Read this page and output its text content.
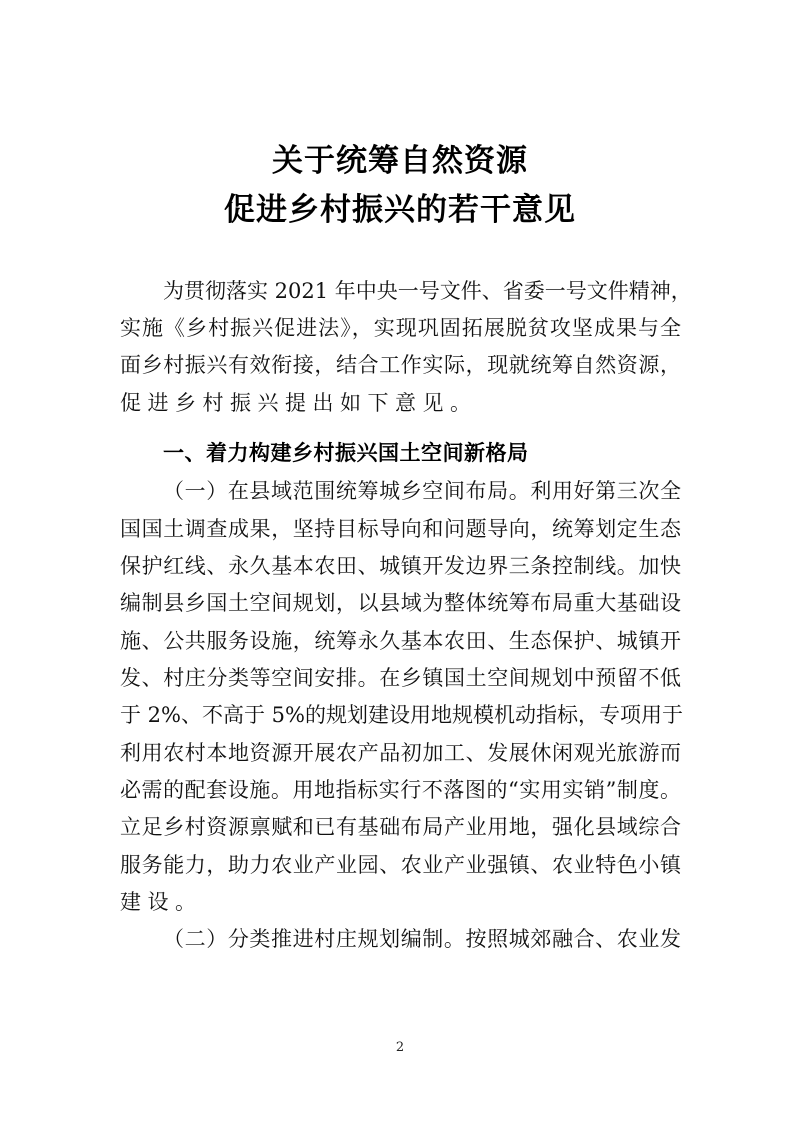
关于统筹自然资源
促进乡村振兴的若干意见
为贯彻落实 2021 年中央一号文件、省委一号文件精神，
实施《乡村振兴促进法》，实现巩固拓展脱贫攻坚成果与全
面乡村振兴有效衔接，结合工作实际，现就统筹自然资源，
促进乡村振兴提出如下意见。
一、着力构建乡村振兴国土空间新格局
（一）在县域范围统筹城乡空间布局。利用好第三次全
国国土调查成果，坚持目标导向和问题导向，统筹划定生态
保护红线、永久基本农田、城镇开发边界三条控制线。加快
编制县乡国土空间规划，以县域为整体统筹布局重大基础设
施、公共服务设施，统筹永久基本农田、生态保护、城镇开
发、村庄分类等空间安排。在乡镇国土空间规划中预留不低
于 2%、不高于 5%的规划建设用地规模机动指标，专项用于
利用农村本地资源开展农产品初加工、发展休闲观光旅游而
必需的配套设施。用地指标实行不落图的“实用实销”制度。
立足乡村资源禀赋和已有基础布局产业用地，强化县域综合
服务能力，助力农业产业园、农业产业强镇、农业特色小镇
建设。
（二）分类推进村庄规划编制。按照城郊融合、农业发
2
